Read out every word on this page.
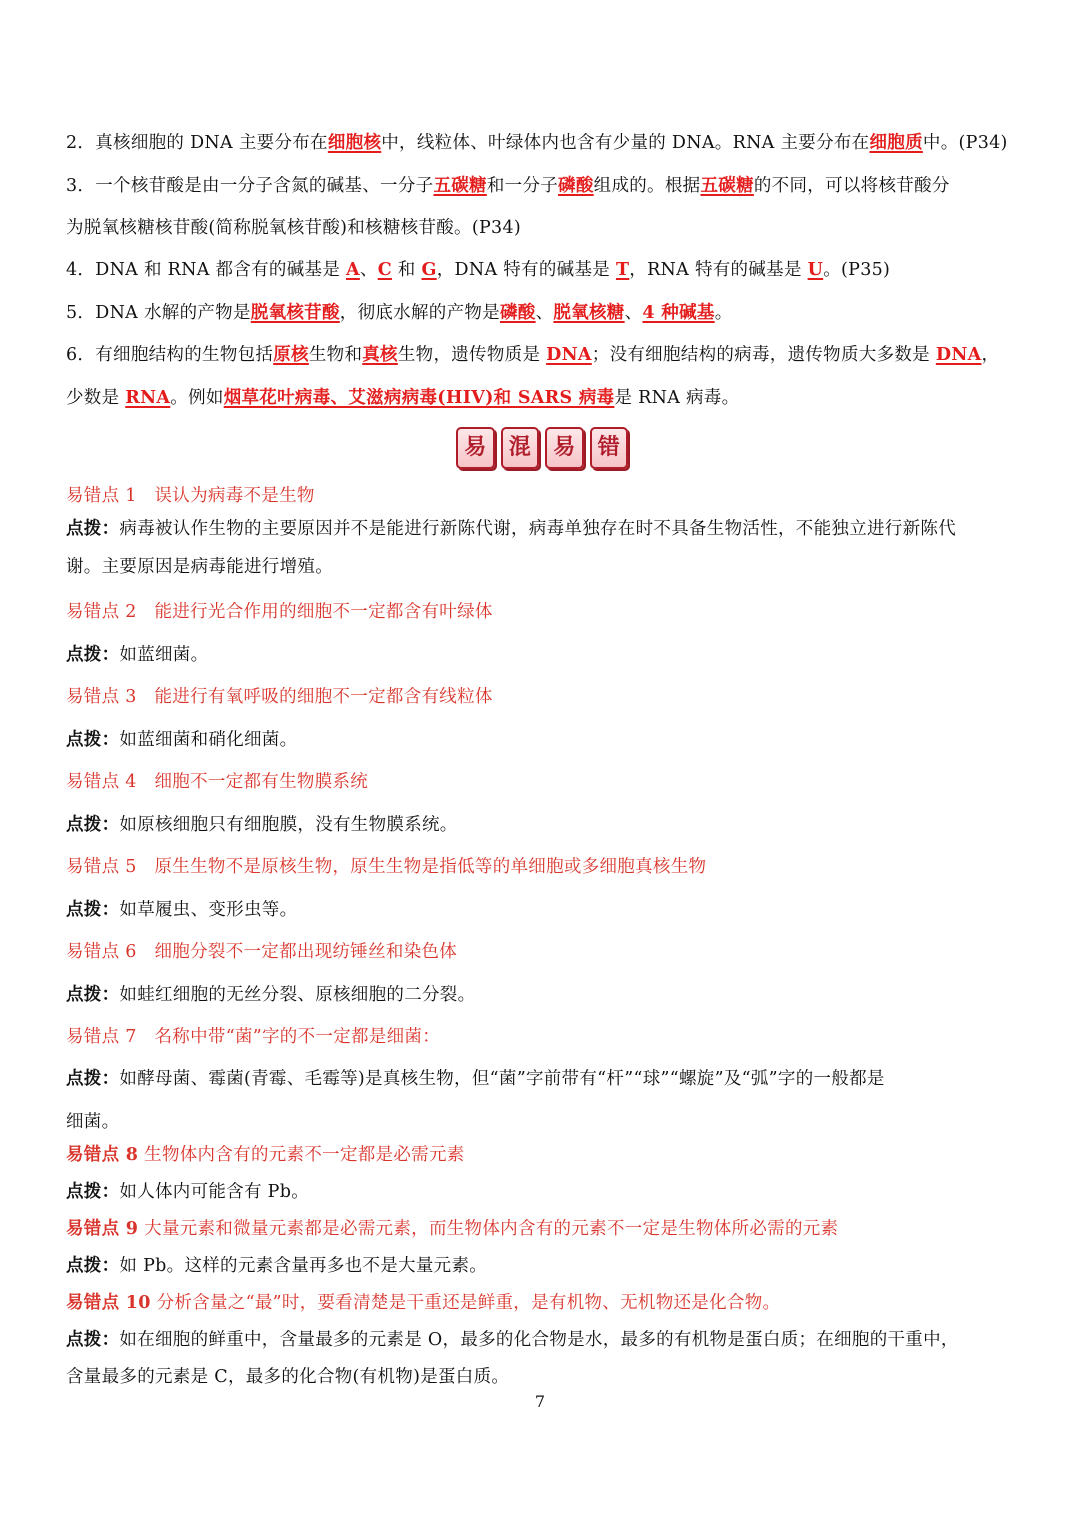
2．真核细胞的 DNA 主要分布在细胞核中，线粒体、叶绿体内也含有少量的 DNA。RNA 主要分布在细胞质中。(P34)
3．一个核苷酸是由一分子含氮的碱基、一分子五碳糖和一分子磷酸组成的。根据五碳糖的不同，可以将核苷酸分
为脱氧核糖核苷酸(简称脱氧核苷酸)和核糖核苷酸。(P34)
4．DNA 和 RNA 都含有的碱基是 A、C 和 G，DNA 特有的碱基是 T，RNA 特有的碱基是 U。(P35)
5．DNA 水解的产物是脱氧核苷酸，彻底水解的产物是磷酸、脱氧核糖、4 种碱基。
6．有细胞结构的生物包括原核生物和真核生物，遗传物质是 DNA；没有细胞结构的病毒，遗传物质大多数是 DNA，
少数是 RNA。例如烟草花叶病毒、艾滋病病毒(HIV)和 SARS 病毒是 RNA 病毒。
易	混	易	错
易错点 1　误认为病毒不是生物
点拨：病毒被认作生物的主要原因并不是能进行新陈代谢，病毒单独存在时不具备生物活性，不能独立进行新陈代
谢。主要原因是病毒能进行增殖。
易错点 2　能进行光合作用的细胞不一定都含有叶绿体
点拨：如蓝细菌。
易错点 3　能进行有氧呼吸的细胞不一定都含有线粒体
点拨：如蓝细菌和硝化细菌。
易错点 4　细胞不一定都有生物膜系统
点拨：如原核细胞只有细胞膜，没有生物膜系统。
易错点 5　原生生物不是原核生物，原生生物是指低等的单细胞或多细胞真核生物
点拨：如草履虫、变形虫等。
易错点 6　细胞分裂不一定都出现纺锤丝和染色体
点拨：如蛙红细胞的无丝分裂、原核细胞的二分裂。
易错点 7　名称中带“菌”字的不一定都是细菌：
点拨：如酵母菌、霉菌(青霉、毛霉等)是真核生物，但“菌”字前带有“杆”“球”“螺旋”及“弧”字的一般都是
细菌。
易错点 8 生物体内含有的元素不一定都是必需元素
点拨：如人体内可能含有 Pb。
易错点 9 大量元素和微量元素都是必需元素，而生物体内含有的元素不一定是生物体所必需的元素
点拨：如 Pb。这样的元素含量再多也不是大量元素。
易错点 10 分析含量之“最”时，要看清楚是干重还是鲜重，是有机物、无机物还是化合物。
点拨：如在细胞的鲜重中，含量最多的元素是 O，最多的化合物是水，最多的有机物是蛋白质；在细胞的干重中，
含量最多的元素是 C，最多的化合物(有机物)是蛋白质。
7
